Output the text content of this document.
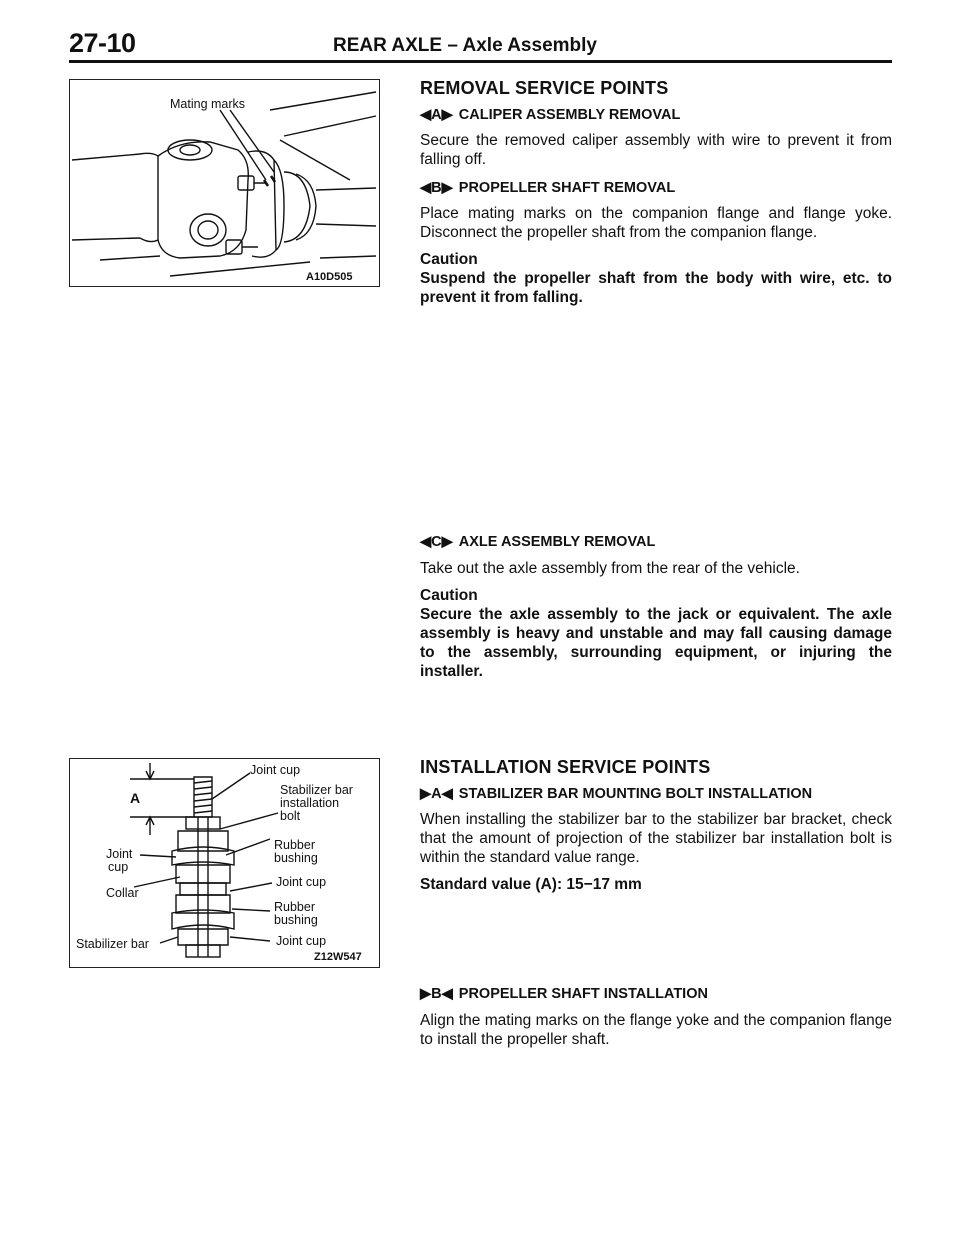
27-10	REAR AXLE – Axle Assembly
Mating marks
A10D505
Joint cup
Stabilizer bar
installation
bolt
A
Rubber
bushing
Joint
cup
Joint cup
Collar
Rubber
bushing
Stabilizer bar	Joint cup
Z12W547
REMOVAL SERVICE POINTS
◀A▶ CALIPER ASSEMBLY REMOVAL
Secure the removed caliper assembly with wire to prevent it from falling off.
◀B▶ PROPELLER SHAFT REMOVAL
Place mating marks on the companion flange and flange yoke. Disconnect the propeller shaft from the companion flange.
Caution
Suspend the propeller shaft from the body with wire, etc. to prevent it from falling.
◀C▶ AXLE ASSEMBLY REMOVAL
Take out the axle assembly from the rear of the vehicle.
Caution
Secure the axle assembly to the jack or equivalent. The axle assembly is heavy and unstable and may fall causing damage to the assembly, surrounding equipment, or injuring the installer.
INSTALLATION SERVICE POINTS
▶A◀ STABILIZER BAR MOUNTING BOLT INSTALLATION
When installing the stabilizer bar to the stabilizer bar bracket, check that the amount of projection of the stabilizer bar installation bolt is within the standard value range.
Standard value (A): 15−17 mm
▶B◀ PROPELLER SHAFT INSTALLATION
Align the mating marks on the flange yoke and the companion flange to install the propeller shaft.
